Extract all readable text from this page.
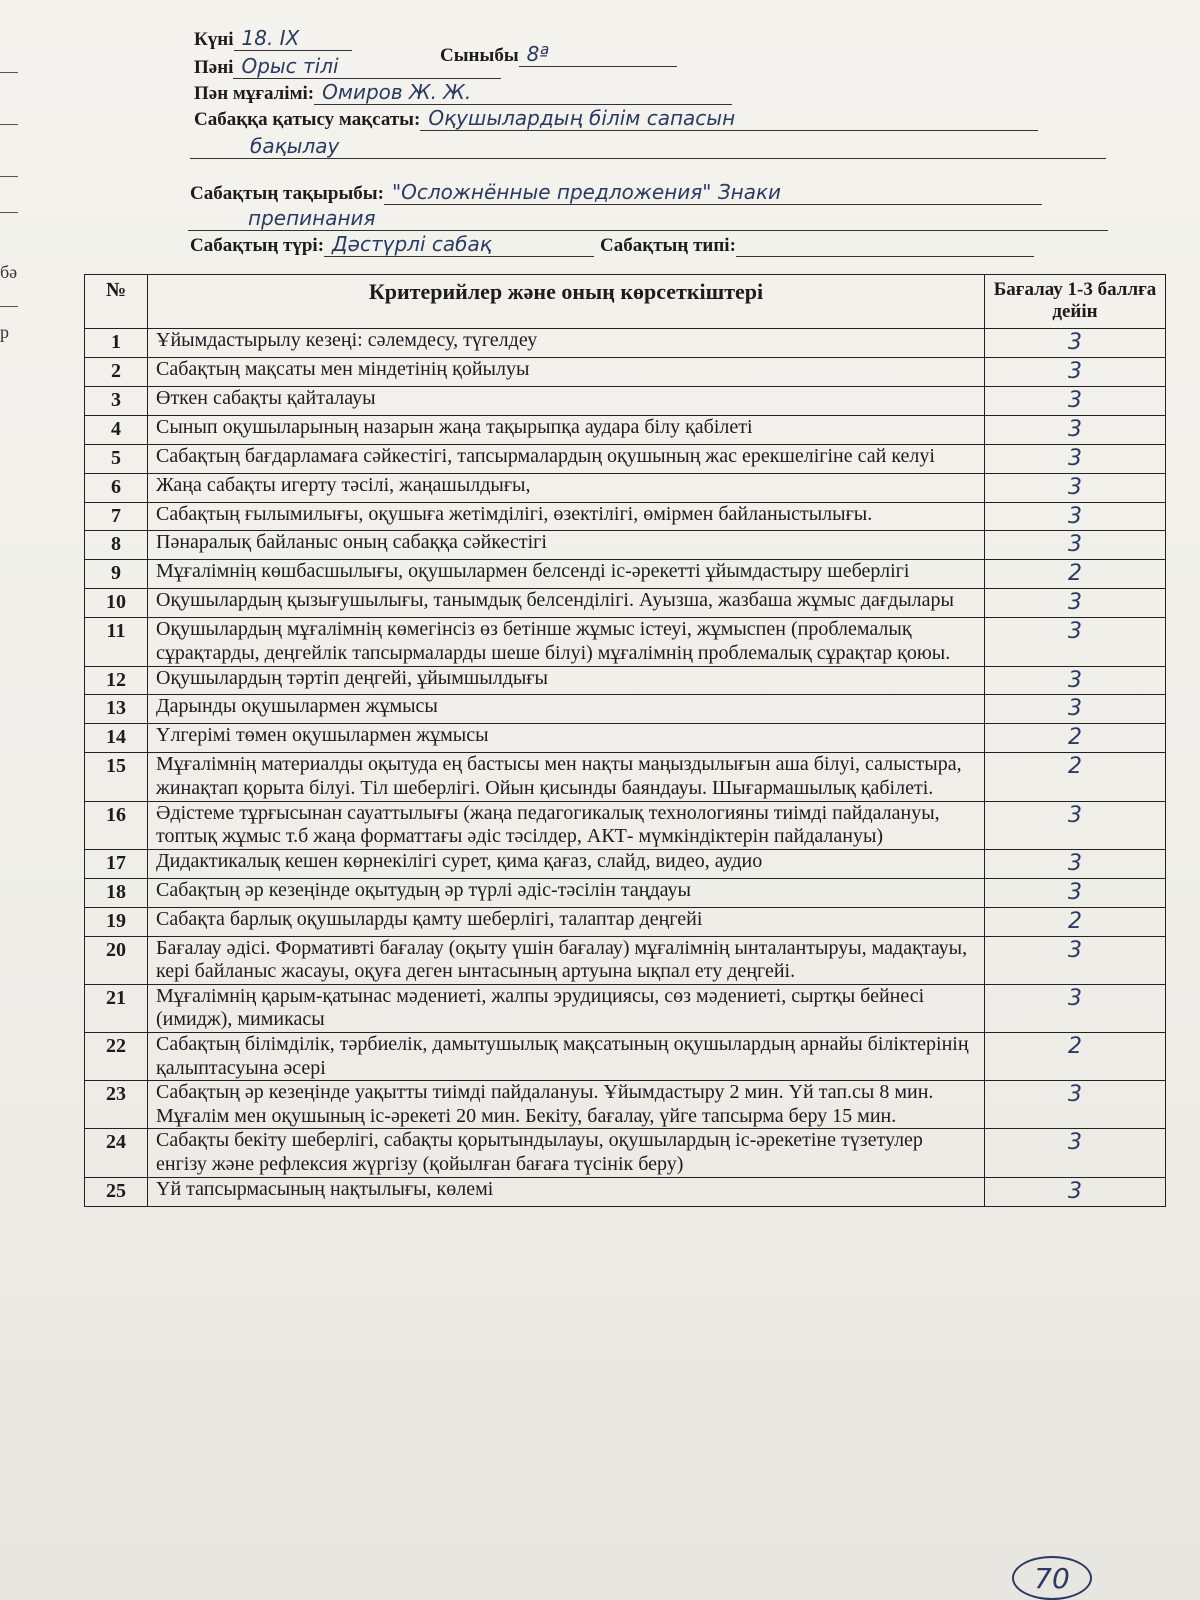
бə
р
Күні 18. IX
Сыныбы 8ª
Пәні Орыс тілі
Пән мұғалімі: Омиров Ж. Ж.
Сабаққа қатысу мақсаты: Оқушылардың білім сапасын
бақылау
Сабақтың тақырыбы: "Осложнённые предложения" Знаки
препинания
Сабақтың түрі: Дәстүрлі сабақ	Сабақтың типі:
№	Критерийлер және оның көрсеткіштері	Бағалау 1-3 баллға дейін
1	Ұйымдастырылу кезеңі: сәлемдесу, түгелдеу	3
2	Сабақтың мақсаты мен міндетінің қойылуы	3
3	Өткен сабақты қайталауы	3
4	Сынып оқушыларының назарын жаңа тақырыпқа аудара білу қабілеті	3
5	Сабақтың бағдарламаға сәйкестігі, тапсырмалардың оқушының жас ерекшелігіне сай келуі	3
6	Жаңа сабақты игерту тәсілі, жаңашылдығы,	3
7	Сабақтың ғылымилығы, оқушыға жетімділігі, өзектілігі, өмірмен байланыстылығы.	3
8	Пәнаралық байланыс оның сабаққа сәйкестігі	3
9	Мұғалімнің көшбасшылығы, оқушылармен белсенді іс-әрекетті ұйымдастыру шеберлігі	2
10	Оқушылардың қызығушылығы, танымдық белсенділігі. Ауызша, жазбаша жұмыс дағдылары	3
11	Оқушылардың мұғалімнің көмегінсіз өз бетінше жұмыс істеуі, жұмыспен (проблемалық сұрақтарды, деңгейлік тапсырмаларды шеше білуі) мұғалімнің проблемалық сұрақтар қоюы.	3
12	Оқушылардың тәртіп деңгейі, ұйымшылдығы	3
13	Дарынды оқушылармен жұмысы	3
14	Үлгерімі төмен оқушылармен жұмысы	2
15	Мұғалімнің материалды оқытуда ең бастысы мен нақты маңыздылығын аша білуі, салыстыра, жинақтап қорыта білуі. Тіл шеберлігі. Ойын қисынды баяндауы. Шығармашылық қабілеті.	2
16	Әдістеме тұрғысынан сауаттылығы (жаңа педагогикалық технологияны тиімді пайдалануы, топтық жұмыс т.б жаңа форматтағы әдіс тәсілдер, АКТ- мүмкіндіктерін пайдалануы)	3
17	Дидактикалық кешен көрнекілігі сурет, қима қағаз, слайд, видео, аудио	3
18	Сабақтың әр кезеңінде оқытудың әр түрлі әдіс-тәсілін таңдауы	3
19	Сабақта барлық оқушыларды қамту шеберлігі, талаптар деңгейі	2
20	Бағалау әдісі. Формативті бағалау (оқыту үшін бағалау) мұғалімнің ынталантыруы, мадақтауы, кері байланыс жасауы, оқуға деген ынтасының артуына ықпал ету деңгейі.	3
21	Мұғалімнің қарым-қатынас мәдениеті, жалпы эрудициясы, сөз мәдениеті, сыртқы бейнесі (имидж), мимикасы	3
22	Сабақтың білімділік, тәрбиелік, дамытушылық мақсатының оқушылардың арнайы біліктерінің қалыптасуына әсері	2
23	Сабақтың әр кезеңінде уақытты тиімді пайдалануы. Ұйымдастыру 2 мин. Үй тап.сы 8 мин. Мұғалім мен оқушының іс-әрекеті 20 мин. Бекіту, бағалау, үйге тапсырма беру 15 мин.	3
24	Сабақты бекіту шеберлігі, сабақты қорытындылауы, оқушылардың іс-әрекетіне түзетулер енгізу және рефлексия жүргізу (қойылған бағаға түсінік беру)	3
25	Үй тапсырмасының нақтылығы, көлемі	3
70
